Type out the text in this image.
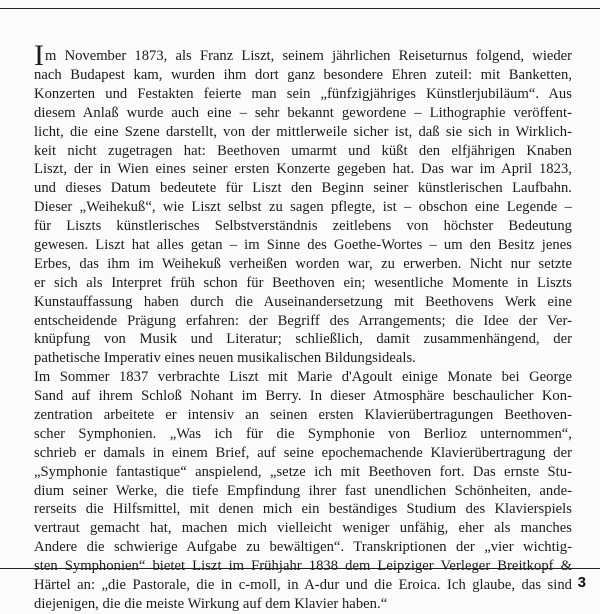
I m November 1873, als Franz Liszt, seinem jährlichen Reiseturnus folgend, wieder
nach Budapest kam, wurden ihm dort ganz besondere Ehren zuteil: mit Banketten,
Konzerten und Festakten feierte man sein „fünfzigjähriges Künstlerjubiläum“. Aus
diesem Anlaß wurde auch eine – sehr bekannt gewordene – Lithographie veröffent-
licht, die eine Szene darstellt, von der mittlerweile sicher ist, daß sie sich in Wirklich-
keit nicht zugetragen hat: Beethoven umarmt und küßt den elfjährigen Knaben
Liszt, der in Wien eines seiner ersten Konzerte gegeben hat. Das war im April 1823,
und dieses Datum bedeutete für Liszt den Beginn seiner künstlerischen Laufbahn.
Dieser „Weihekuß“, wie Liszt selbst zu sagen pflegte, ist – obschon eine Legende –
für Liszts künstlerisches Selbstverständnis zeitlebens von höchster Bedeutung
gewesen. Liszt hat alles getan – im Sinne des Goethe-Wortes – um den Besitz jenes
Erbes, das ihm im Weihekuß verheißen worden war, zu erwerben. Nicht nur setzte
er sich als Interpret früh schon für Beethoven ein; wesentliche Momente in Liszts
Kunstauffassung haben durch die Auseinandersetzung mit Beethovens Werk eine
entscheidende Prägung erfahren: der Begriff des Arrangements; die Idee der Ver-
knüpfung von Musik und Literatur; schließlich, damit zusammenhängend, der
pathetische Imperativ eines neuen musikalischen Bildungsideals.
Im Sommer 1837 verbrachte Liszt mit Marie d'Agoult einige Monate bei George
Sand auf ihrem Schloß Nohant im Berry. In dieser Atmosphäre beschaulicher Kon-
zentration arbeitete er intensiv an seinen ersten Klavierübertragungen Beethoven-
scher Symphonien. „Was ich für die Symphonie von Berlioz unternommen“,
schrieb er damals in einem Brief, auf seine epochemachende Klavierübertragung der
„Symphonie fantastique“ anspielend, „setze ich mit Beethoven fort. Das ernste Stu-
dium seiner Werke, die tiefe Empfindung ihrer fast unendlichen Schönheiten, ande-
rerseits die Hilfsmittel, mit denen mich ein beständiges Studium des Klavierspiels
vertraut gemacht hat, machen mich vielleicht weniger unfähig, eher als manches
Andere die schwierige Aufgabe zu bewältigen“. Transkriptionen der „vier wichtig-
sten Symphonien“ bietet Liszt im Frühjahr 1838 dem Leipziger Verleger Breitkopf &
Härtel an: „die Pastorale, die in c-moll, in A-dur und die Eroica. Ich glaube, das sind
diejenigen, die die meiste Wirkung auf dem Klavier haben.“
3
